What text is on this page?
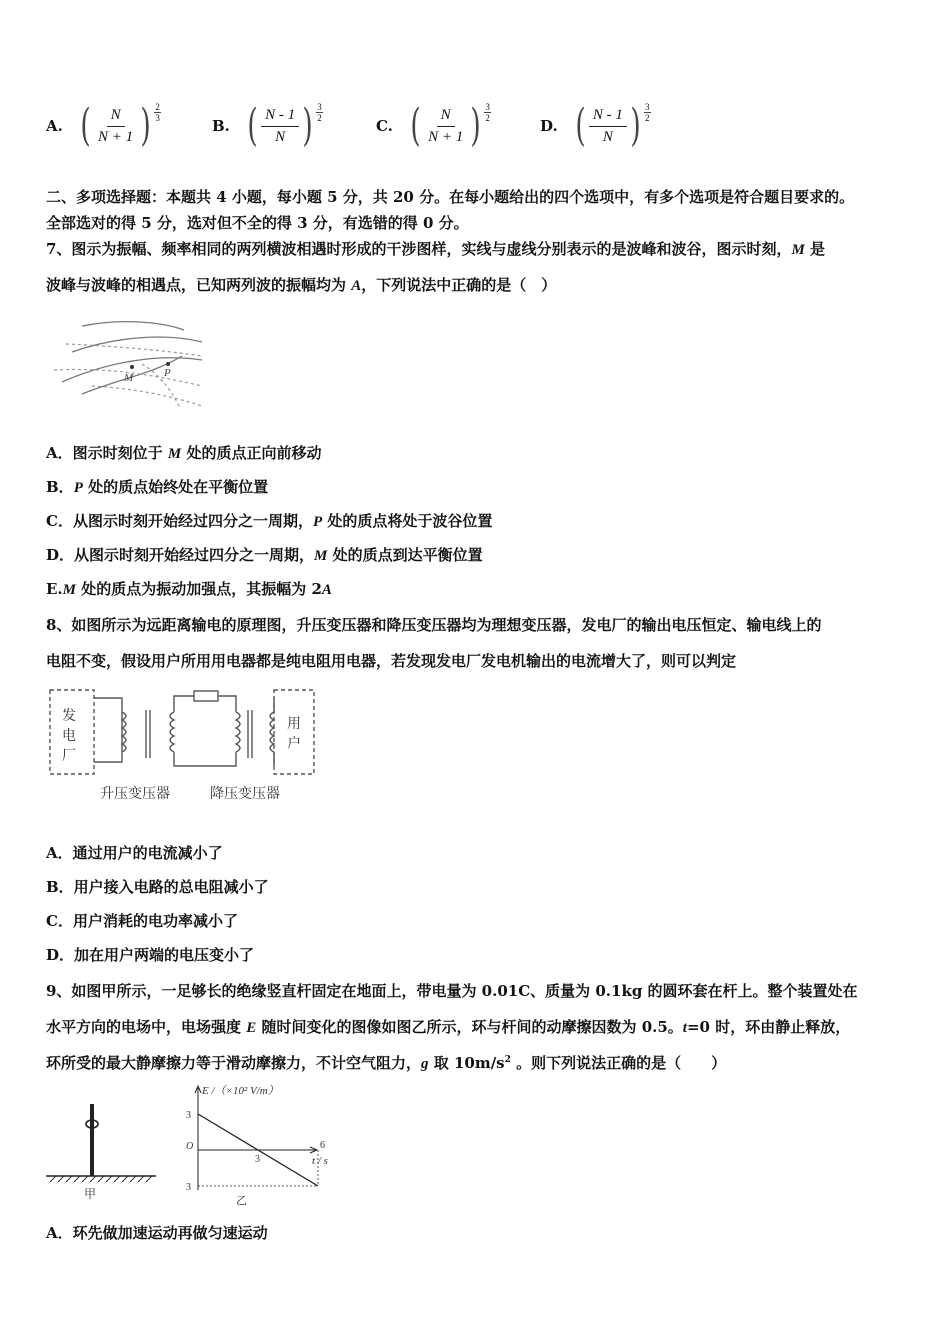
A. ( $\frac{N}{N + 1}$ ) $\frac{2}{3}$
B. ( $\frac{N - 1}{N}$ ) $\frac{3}{2}$
C. ( $\frac{N}{N + 1}$ ) $\frac{3}{2}$
D. ( $\frac{N - 1}{N}$ ) $\frac{3}{2}$
二、多项选择题：本题共 4 小题，每小题 5 分，共 20 分。在每小题给出的四个选项中，有多个选项是符合题目要求的。
全部选对的得 5 分，选对但不全的得 3 分，有选错的得 0 分。
7、图示为振幅、频率相同的两列横波相遇时形成的干涉图样，实线与虚线分别表示的是波峰和波谷，图示时刻，M 是
波峰与波峰的相遇点，已知两列波的振幅均为 A，下列说法中正确的是（　）
M	P
A．图示时刻位于 M 处的质点正向前移动
B．P 处的质点始终处在平衡位置
C．从图示时刻开始经过四分之一周期，P 处的质点将处于波谷位置
D．从图示时刻开始经过四分之一周期，M 处的质点到达平衡位置
E.M 处的质点为振动加强点，其振幅为 2A
8、如图所示为远距离输电的原理图，升压变压器和降压变压器均为理想变压器，发电厂的输出电压恒定、输电线上的
电阻不变，假设用户所用用电器都是纯电阻用电器，若发现发电厂发电机输出的电流增大了，则可以判定
发
电
厂
用
户
升压变压器	降压变压器
A．通过用户的电流减小了
B．用户接入电路的总电阻减小了
C．用户消耗的电功率减小了
D．加在用户两端的电压变小了
9、如图甲所示，一足够长的绝缘竖直杆固定在地面上，带电量为 0.01C、质量为 0.1kg 的圆环套在杆上。整个装置处在
水平方向的电场中，电场强度 E 随时间变化的图像如图乙所示，环与杆间的动摩擦因数为 0.5。t=0 时，环由静止释放，
环所受的最大静摩擦力等于滑动摩擦力，不计空气阻力，g 取 $10m/s^2$ 。则下列说法正确的是（　　）
甲
E /（×10² V/m）
t / s
O
3
3
3
6
乙
A．环先做加速运动再做匀速运动
